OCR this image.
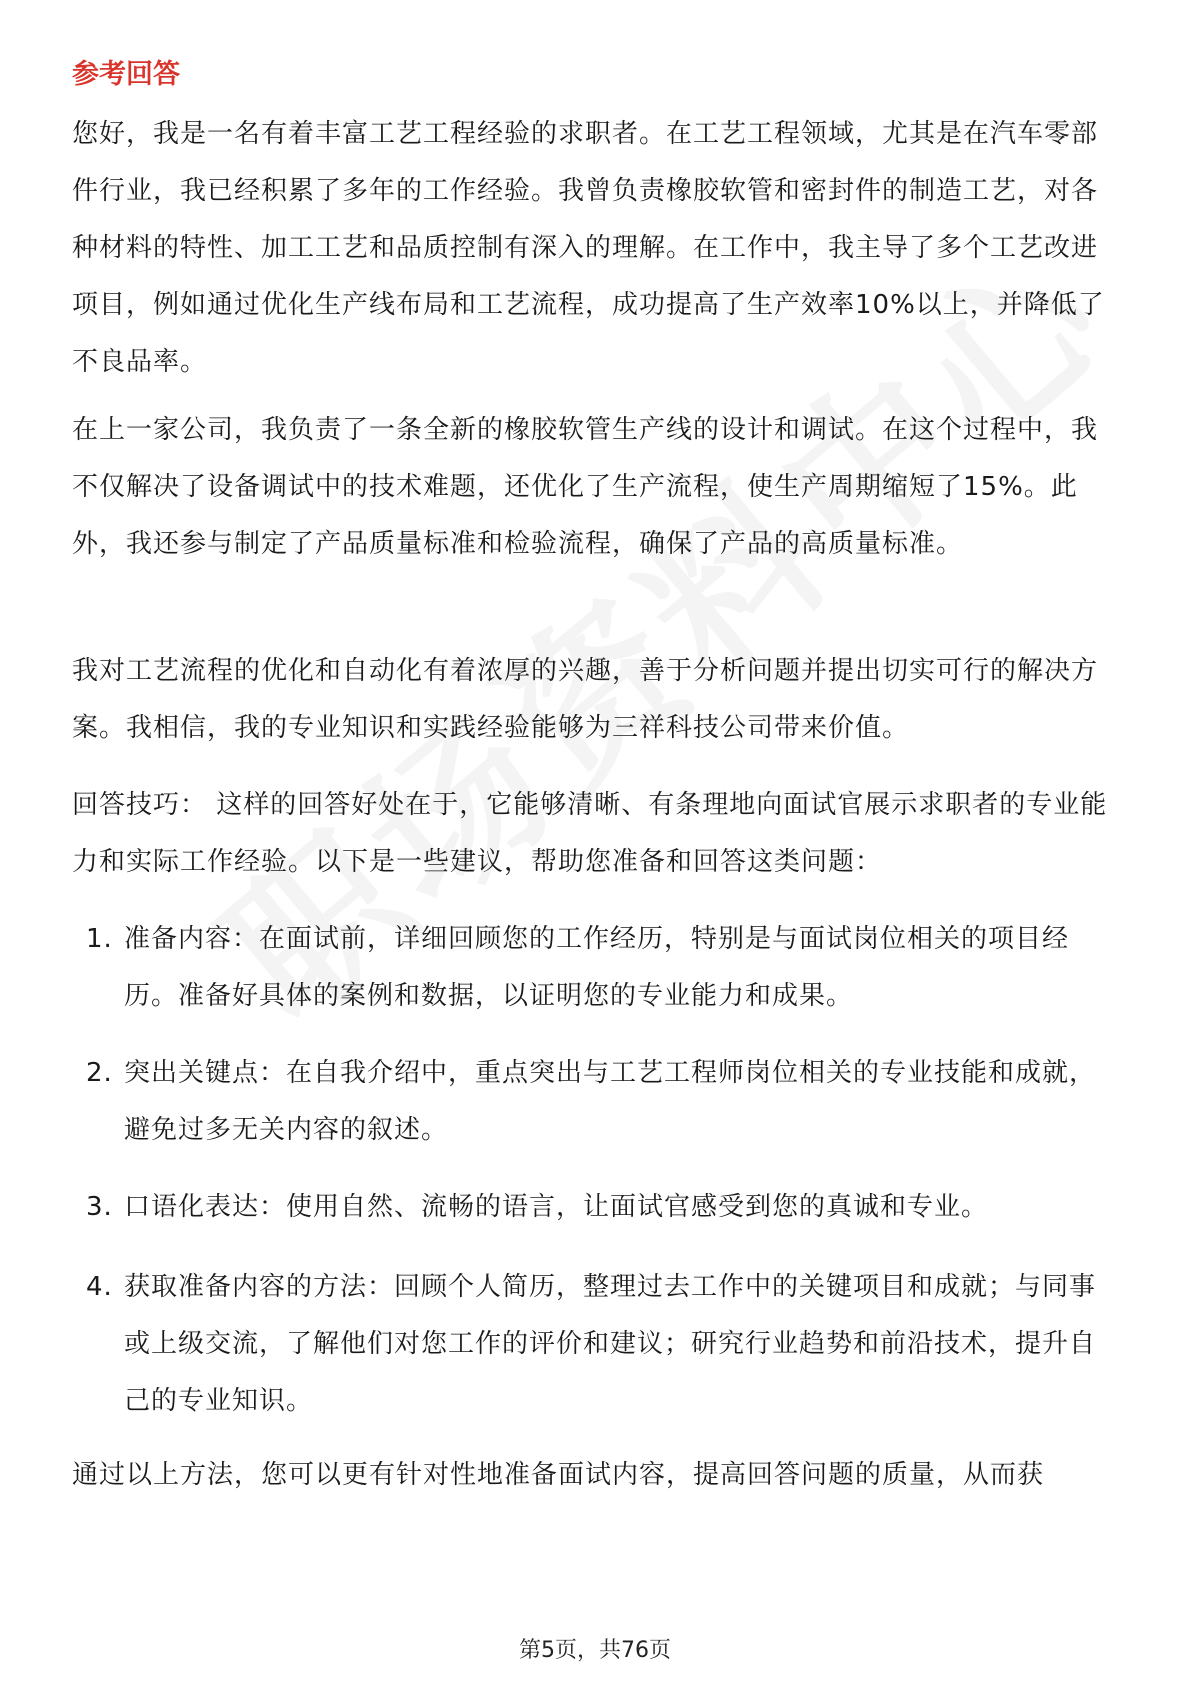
参考回答
您好，我是一名有着丰富工艺工程经验的求职者。在工艺工程领域，尤其是在汽车零部件行业，我已经积累了多年的工作经验。我曾负责橡胶软管和密封件的制造工艺，对各种材料的特性、加工工艺和品质控制有深入的理解。在工作中，我主导了多个工艺改进项目，例如通过优化生产线布局和工艺流程，成功提高了生产效率10%以上，并降低了不良品率。
在上一家公司，我负责了一条全新的橡胶软管生产线的设计和调试。在这个过程中，我不仅解决了设备调试中的技术难题，还优化了生产流程，使生产周期缩短了15%。此外，我还参与制定了产品质量标准和检验流程，确保了产品的高质量标准。
我对工艺流程的优化和自动化有着浓厚的兴趣，善于分析问题并提出切实可行的解决方案。我相信，我的专业知识和实践经验能够为三祥科技公司带来价值。
回答技巧： 这样的回答好处在于，它能够清晰、有条理地向面试官展示求职者的专业能力和实际工作经验。以下是一些建议，帮助您准备和回答这类问题：
1. 准备内容：在面试前，详细回顾您的工作经历，特别是与面试岗位相关的项目经历。准备好具体的案例和数据，以证明您的专业能力和成果。
2. 突出关键点：在自我介绍中，重点突出与工艺工程师岗位相关的专业技能和成就，避免过多无关内容的叙述。
3. 口语化表达：使用自然、流畅的语言，让面试官感受到您的真诚和专业。
4. 获取准备内容的方法：回顾个人简历，整理过去工作中的关键项目和成就；与同事或上级交流，了解他们对您工作的评价和建议；研究行业趋势和前沿技术，提升自己的专业知识。
通过以上方法，您可以更有针对性地准备面试内容，提高回答问题的质量，从而获
第5页，共76页
